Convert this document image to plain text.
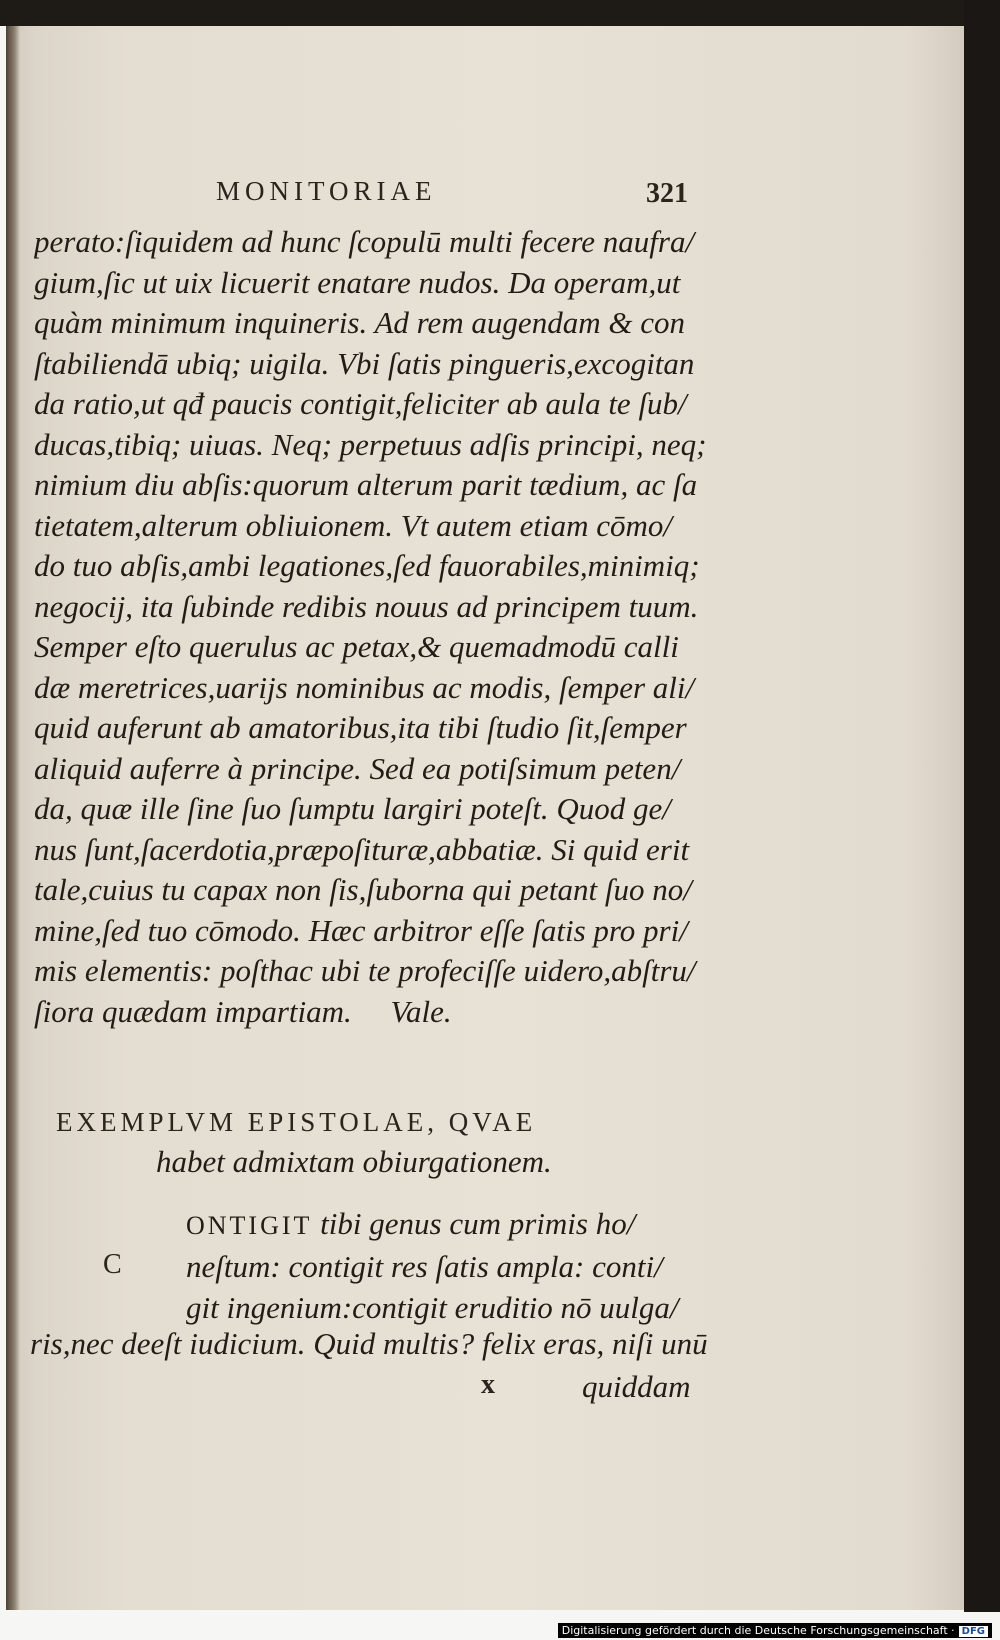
MONITORIAE	321
perato:ſiquidem ad hunc ſcopulū multi fecere naufra/
gium,ſic ut uix licuerit enatare nudos. Da operam,ut
quàm minimum inquineris. Ad rem augendam & con
ſtabiliendā ubiq; uigila. Vbi ſatis pingueris,excogitan
da ratio,ut qđ paucis contigit,feliciter ab aula te ſub/
ducas,tibiq; uiuas. Neq; perpetuus adſis principi, neq;
nimium diu abſis:quorum alterum parit tædium, ac ſa
tietatem,alterum obliuionem. Vt autem etiam cōmo/
do tuo abſis,ambi legationes,ſed fauorabiles,minimiq;
negocij, ita ſubinde redibis nouus ad principem tuum.
Semper eſto querulus ac petax,& quemadmodū calli
dæ meretrices,uarijs nominibus ac modis, ſemper ali/
quid auferunt ab amatoribus,ita tibi ſtudio ſit,ſemper
aliquid auferre à principe. Sed ea potiſsimum peten/
da, quæ ille ſine ſuo ſumptu largiri poteſt. Quod ge/
nus ſunt,ſacerdotia,præpoſituræ,abbatiæ. Si quid erit
tale,cuius tu capax non ſis,ſuborna qui petant ſuo no/
mine,ſed tuo cōmodo. Hæc arbitror eſſe ſatis pro pri/
mis elementis: poſthac ubi te profeciſſe uidero,abſtru/
ſiora quædam impartiam.     Vale.
EXEMPLVM EPISTOLAE, QVAE
habet admixtam obiurgationem.
C
ONTIGIT tibi genus cum primis ho/
neſtum: contigit res ſatis ampla: conti/
git ingenium:contigit eruditio nō uulga/
ris,nec deeſt iudicium. Quid multis? felix eras, niſi unū
x	quiddam
Digitalisierung gefördert durch die Deutsche Forschungsgemeinschaft · DFG
